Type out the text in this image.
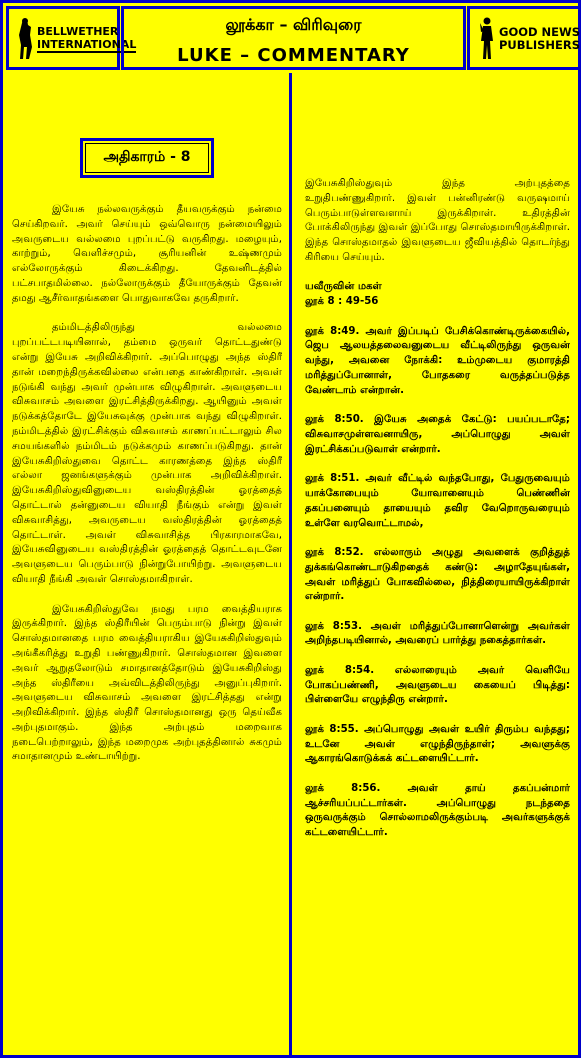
BELLWETHER
INTERNATIONAL
லூக்கா – விரிவுரை
LUKE – COMMENTARY
GOOD NEWS
PUBLISHERS
அதிகாரம் - 8

இயேசு நல்லவருக்கும் தீயவருக்கும் நன்மை செய்கிறவர். அவர் செய்யும் ஒவ்வொரு நன்மையிலும் அவருடைய வல்லமை புறப்பட்டு வருகிறது. மழையும், காற்றும், வெளிச்சமும், சூரியனின் உஷ்ணமும் எல்லோருக்கும் கிடைக்கிறது. தேவனிடத்தில் பட்சபாதமில்லை. நல்லோருக்கும் தீயோருக்கும் தேவன் தமது ஆசீர்வாதங்களை பொதுவாகவே தருகிறார்.

தம்மிடத்திலிருந்து வல்லமை புறப்பட்டபடியினால், தம்மை ஒருவர் தொட்டதுண்டு என்று இயேசு அறிவிக்கிறார். அப்பொழுது அந்த ஸ்திரீ தான் மறைந்திருக்கவில்லை என்பதை காண்கிறாள். அவள் நடுங்கி வந்து அவர் முன்பாக விழுகிறாள். அவளுடைய விசுவாசம் அவளை இரட்சித்திருக்கிறது. ஆயினும் அவள் நடுக்கத்தோடே இயேசுவுக்கு முன்பாக வந்து விழுகிறாள். நம்மிடத்தில் இரட்சிக்கும் விசுவாசம் காணப்பட்டாலும் சில சமயங்களில் நம்மிடம் நடுக்கமும் காணப்படுகிறது. தான் இயேசுகிறிஸ்துவை தொட்ட காரணத்தை இந்த ஸ்திரீ எல்லா ஜனங்களுக்கும் முன்பாக அறிவிக்கிறாள். இயேசுகிறிஸ்துவினுடைய வஸ்திரத்தின் ஓரத்தைத் தொட்டால் தன்னுடைய வியாதி நீங்கும் என்று இவள் விசுவாசித்து, அவருடைய வஸ்திரத்தின் ஓரத்தைத் தொட்டாள். அவள் விசுவாசித்த பிரகாரமாகவே, இயேசுவினுடைய வஸ்திரத்தின் ஓரத்தைத் தொட்டவுடனே அவளுடைய பெரும்பாடு நின்றுபோயிற்று. அவளுடைய வியாதி நீங்கி அவள் சொஸ்தமாகிறாள்.

இயேசுகிறிஸ்துவே நமது பரம வைத்தியராக இருக்கிறார். இந்த ஸ்திரீயின் பெரும்பாடு நின்று இவள் சொஸ்தமானதை பரம வைத்தியராகிய இயேசுகிறிஸ்துவும் அங்கீகரித்து உறுதி பண்ணுகிறார். சொஸ்தமான இவளை அவர் ஆறுதலோடும் சமாதானத்தோடும் இயேசுகிறிஸ்து அந்த ஸ்திரீயை அவ்விடத்திலிருந்து அனுப்புகிறார். அவளுடைய விசுவாசம் அவளை இரட்சித்தது என்று அறிவிக்கிறார். இந்த ஸ்திரீ சொஸ்தமானது ஒரு தெய்வீக அற்புதமாகும். இந்த அற்புதம் மறைவாக நடைபெற்றாலும், இந்த மறைமுக அற்புதத்தினால் சுகமும் சமாதானமும் உண்டாயிற்று.

இயேசுகிறிஸ்துவும் இந்த அற்புதத்தை உறுதிபண்ணுகிறார். இவள் பன்னிரண்டு வருஷமாய் பெரும்பாடுள்ளவளாய் இருக்கிறாள். உதிரத்தின் போக்கிலிருந்து இவள் இப்போது சொஸ்தமாயிருக்கிறாள். இந்த சொஸ்தமாதல் இவளுடைய ஜீவியத்தில் தொடர்ந்து கிரியை செய்யும்.

யவீருவின் மகள்
லூக் 8 : 49-56

லூக் 8:49. அவர் இப்படிப் பேசிக்கொண்டிருக்கையில், ஜெப ஆலயத்தலைவனுடைய வீட்டிலிருந்து ஒருவன் வந்து, அவனை நோக்கி: உம்முடைய குமாரத்தி மரித்துப்போனாள், போதகரை வருத்தப்படுத்த வேண்டாம் என்றான்.

லூக் 8:50. இயேசு அதைக் கேட்டு: பயப்படாதே; விசுவாசமுள்ளவனாயிரு, அப்பொழுது அவள் இரட்சிக்கப்படுவாள் என்றார்.

லூக் 8:51. அவர் வீட்டில் வந்தபோது, பேதுருவையும் யாக்கோபையும் யோவானையும் பெண்ணின் தகப்பனையும் தாயையும் தவிர வேறொருவரையும் உள்ளே வரவொட்டாமல்,

லூக் 8:52. எல்லாரும் அழுது அவளைக் குறித்துத் துக்கங்கொண்டாடுகிறதைக் கண்டு: அழாதேயுங்கள், அவள் மரித்துப் போகவில்லை, நித்திரையாயிருக்கிறாள் என்றார்.

லூக் 8:53. அவள் மரித்துப்போனாளென்று அவர்கள் அறிந்தபடியினால், அவரைப் பார்த்து நகைத்தார்கள்.

லூக் 8:54. எல்லாரையும் அவர் வெளியே போகப்பண்ணி, அவளுடைய கையைப் பிடித்து: பிள்ளையே எழுந்திரு என்றார்.

லூக் 8:55. அப்பொழுது அவள் உயிர் திரும்ப வந்தது; உடனே அவள் எழுந்திருந்தாள்; அவளுக்கு ஆகாரங்கொடுக்கக் கட்டளையிட்டார்.

லூக் 8:56. அவள் தாய் தகப்பன்மார் ஆச்சரியப்பட்டார்கள். அப்பொழுது நடந்ததை ஒருவருக்கும் சொல்லாமலிருக்கும்படி அவர்களுக்குக் கட்டளையிட்டார்.
